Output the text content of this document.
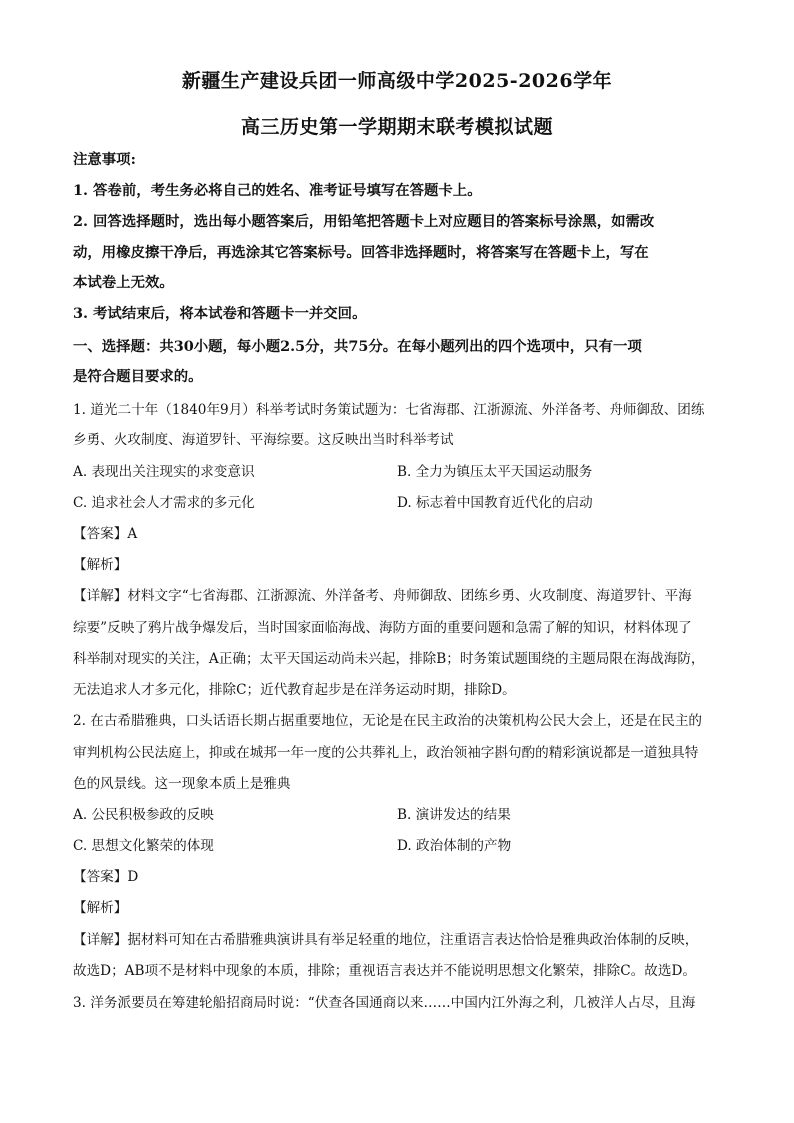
新疆生产建设兵团一师高级中学2025-2026学年
高三历史第一学期期末联考模拟试题
注意事项:
1. 答卷前，考生务必将自己的姓名、准考证号填写在答题卡上。
2. 回答选择题时，选出每小题答案后，用铅笔把答题卡上对应题目的答案标号涂黑，如需改
动，用橡皮擦干净后，再选涂其它答案标号。回答非选择题时，将答案写在答题卡上，写在
本试卷上无效。
3. 考试结束后，将本试卷和答题卡一并交回。
一、选择题：共30小题，每小题2.5分，共75分。在每小题列出的四个选项中，只有一项
是符合题目要求的。
1. 道光二十年（1840年9月）科举考试时务策试题为：七省海郡、江浙源流、外洋备考、舟师御敌、团练
乡勇、火攻制度、海道罗针、平海综要。这反映出当时科举考试
A. 表现出关注现实的求变意识	B. 全力为镇压太平天国运动服务
C. 追求社会人才需求的多元化	D. 标志着中国教育近代化的启动
【答案】A
【解析】
【详解】材料文字“七省海郡、江浙源流、外洋备考、舟师御敌、团练乡勇、火攻制度、海道罗针、平海
综要”反映了鸦片战争爆发后，当时国家面临海战、海防方面的重要问题和急需了解的知识，材料体现了
科举制对现实的关注，A正确；太平天国运动尚未兴起，排除B；时务策试题围绕的主题局限在海战海防，
无法追求人才多元化，排除C；近代教育起步是在洋务运动时期，排除D。
2. 在古希腊雅典，口头话语长期占据重要地位，无论是在民主政治的决策机构公民大会上，还是在民主的
审判机构公民法庭上，抑或在城邦一年一度的公共葬礼上，政治领袖字斟句酌的精彩演说都是一道独具特
色的风景线。这一现象本质上是雅典
A. 公民积极参政的反映	B. 演讲发达的结果
C. 思想文化繁荣的体现	D. 政治体制的产物
【答案】D
【解析】
【详解】据材料可知在古希腊雅典演讲具有举足轻重的地位，注重语言表达恰恰是雅典政治体制的反映，
故选D；AB项不是材料中现象的本质，排除；重视语言表达并不能说明思想文化繁荣，排除C。故选D。
3. 洋务派要员在筹建轮船招商局时说：“伏查各国通商以来……中国内江外海之利，几被洋人占尽，且海
